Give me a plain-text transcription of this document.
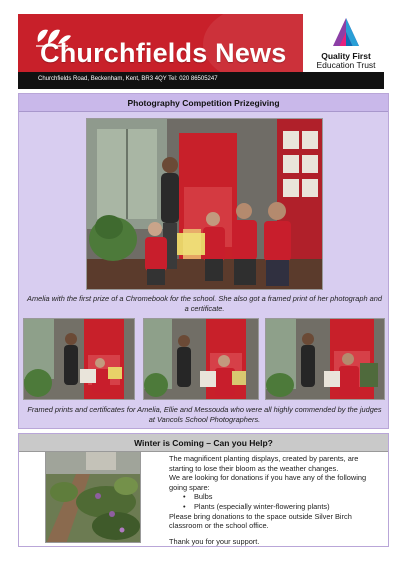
Churchfields News	Quality First
Education Trust
Churchfields Road, Beckenham, Kent, BR3 4QY Tel: 020 86505247
Photography Competition Prizegiving
Amelia with the first prize of a Chromebook for the school. She also got a framed print of her photograph and a certificate.
Framed prints and certificates for Amelia, Ellie and Messouda who were all highly commended by the judges at Vancols School Photographers.
Winter is Coming – Can you Help?

The magnificent planting displays, created by parents, are starting to lose their bloom as the weather changes.

We are looking for donations if you have any of the following going spare:

• Bulbs
• Plants (especially winter-flowering plants)

Please bring donations to the space outside Silver Birch classroom or the school office.

Thank you for your support.
